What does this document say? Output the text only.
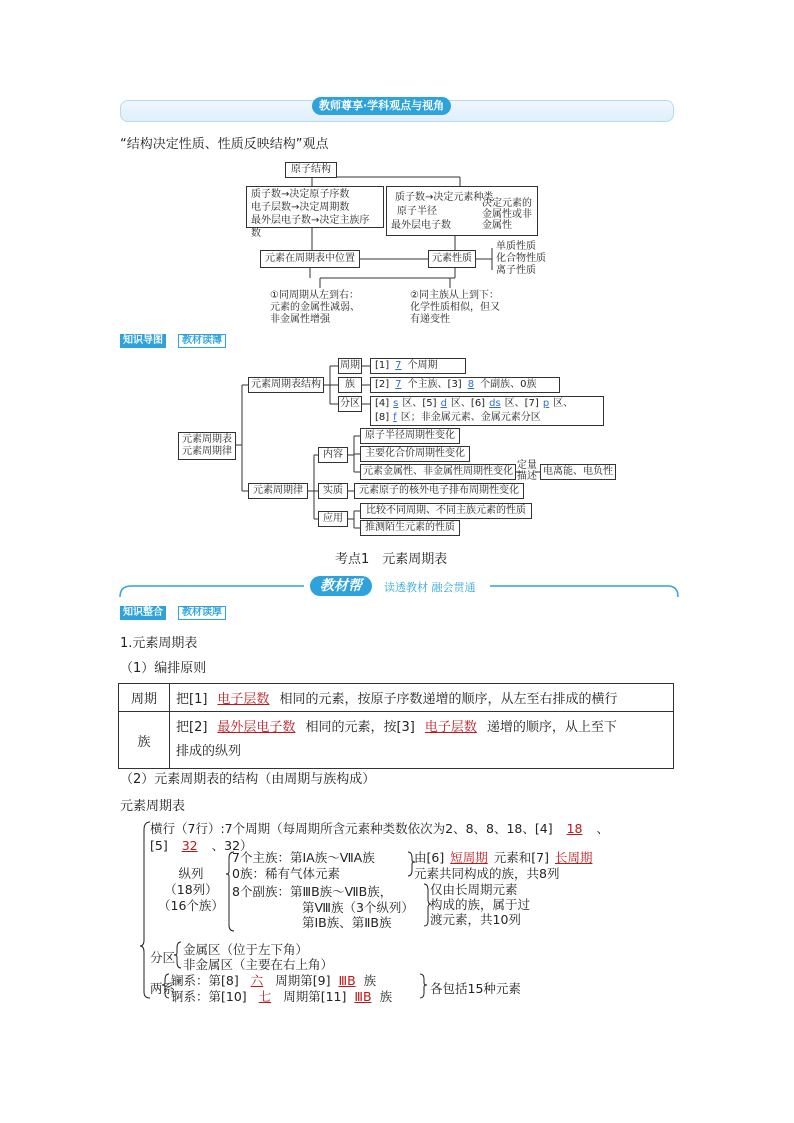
教师尊享·学科观点与视角
“结构决定性质、性质反映结构”观点
原子结构
质子数→决定原子序数
电子层数→决定周期数
最外层电子数→决定主族序数
质子数→决定元素种类
原子半径
最外层电子数
决定元素的
金属性或非
金属性
元素在周期表中位置	元素性质
单质性质
化合物性质
离子性质
①同周期从左到右：
元素的金属性减弱、
非金属性增强
②同主族从上到下：
化学性质相似，但又
有递变性
知识导图	教材读薄
元素周期表
元素周期律
元素周期表结构
周期
族
分区
[1] 7 个周期
[2] 7 个主族、[3] 8 个副族、0族
[4] s 区、[5] d 区、[6] ds 区、[7] p 区、
[8] f 区；非金属元素、金属元素分区
元素周期律
内容
实质
应用
原子半径周期性变化
主要化合价周期性变化
元素金属性、非金属性周期性变化
定量
描述 电离能、电负性
元素原子的核外电子排布周期性变化
比较不同周期、不同主族元素的性质
推测陌生元素的性质
考点1　元素周期表
教材帮	读透教材 融会贯通
知识整合	教材读厚
1.元素周期表
（1）编排原则
周期	把[1] 电子层数 相同的元素，按原子序数递增的顺序，从左至右排成的横行
族	把[2] 最外层电子数 相同的元素，按[3] 电子层数 递增的顺序，从上至下
排成的纵列
（2）元素周期表的结构（由周期与族构成）
元素周期表
横行（7行）:7个周期（每周期所含元素种类数依次为2、8、8、18、[4] 18 、
[5] 32 、32）
纵列
（18列）
（16个族）
7个主族：第ⅠA族～ⅦA族
0族：稀有气体元素
由[6] 短周期 元素和[7] 长周期
元素共同构成的族，共8列
8个副族：第ⅢB族～ⅦB族，
第Ⅷ族（3个纵列）
第ⅠB族、第ⅡB族
仅由长周期元素
构成的族，属于过
渡元素，共10列
分区
金属区（位于左下角）
非金属区（主要在右上角）
两系
镧系：第[8] 六 周期第[9] ⅢB 族
锕系：第[10] 七 周期第[11] ⅢB 族
各包括15种元素
